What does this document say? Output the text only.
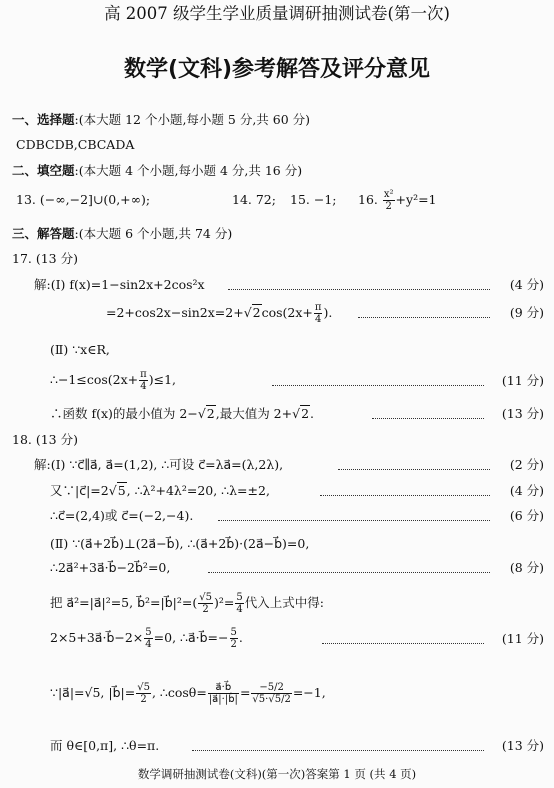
高 2007 级学生学业质量调研抽测试卷(第一次)
数学(文科)参考解答及评分意见
一、选择题:(本大题 12 个小题,每小题 5 分,共 60 分)
CDBCDB,CBCADA
二、填空题:(本大题 4 个小题,每小题 4 分,共 16 分)
13. (−∞,−2]∪(0,+∞);	14. 72; 15. −1; 16. $\frac{\text{x²}}{2} +y^2=1$
三、解答题:(本大题 6 个小题,共 74 分)
17. (13 分)
解:(Ⅰ) f(x)=1−sin2x+2cos²x	(4 分)
$=2+\cos 2x-\sin 2x=2+√2\cos(2x+ \frac{\pi}{4}$ ).	(9 分)
(Ⅱ) ∵x∈R,
∴−1≤cos(2x+ $\frac{\pi}{4} )\le 1$,	(11 分)
∴函数 f(x)的最小值为 2−√2,最大值为 2+√2.	(13 分)
18. (13 分)
解:(Ⅰ) ∵c⃗∥a⃗, a⃗=(1,2), ∴可设 c⃗=λa⃗=(λ,2λ),	(2 分)
又∵|c⃗|=2√5, ∴λ²+4λ²=20, ∴λ=±2,	(4 分)
∴c⃗=(2,4)或 c⃗=(−2,−4).	(6 分)
(Ⅱ) ∵(a⃗+2b⃗)⊥(2a⃗−b⃗), ∴(a⃗+2b⃗)·(2a⃗−b⃗)=0,
∴2a⃗²+3a⃗·b⃗−2b⃗²=0,	(8 分)
把 a⃗²=|a⃗|²=5, b⃗²=|b⃗|²=( $\frac{√5}{2} )^2= \frac{5}{4}$ 代入上式中得:
2×5+3a⃗·b⃗−2× $\frac{5}{4} =0$, ∴a⃗·b⃗=− $\frac{5}{2}$ .	(11 分)
∵|a⃗|=√5, |b⃗|= $\frac{√5}{2}$ , ∴cosθ= $\frac{a⃗\cdot b⃗}{|a⃗|\cdot|b⃗|} = \frac{-5/2}{√5\cdot√5/2} =-1$,
而 θ∈[0,π], ∴θ=π.	(13 分)
数学调研抽测试卷(文科)(第一次)答案第 1 页 (共 4 页)
